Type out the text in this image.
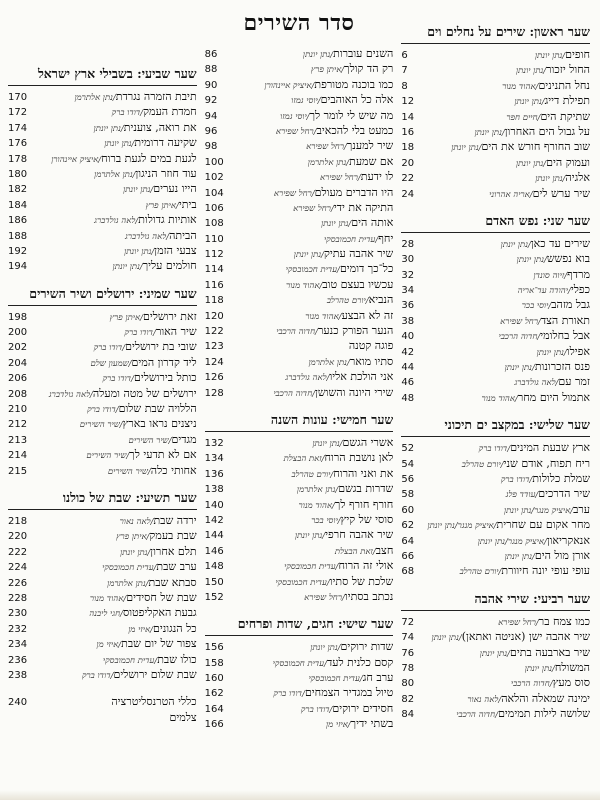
שער ראשון: שירים על נחלים וים
6	חופים/נתן יונתן
7	החול יזכור/נתן יונתן
8	נחל התנינים/אהוד מנור
12	תפילת דייג/נתן יונתן
14	שתיקת הים/חיים חפר
16	על גבול הים האחרון/נתן יונתן
18	שוב החורף חורש את הים/נתן יונתן
20	ועמוק הים/נתן יונתן
22	אלגיה/נתן יונתן
24	שיר ערש לים/אריה אהרוני
שער שני: נפש האדם
28	שירים עד כאן/נתן יונתן
30	בוא נפשש/נתן יונתן
32	מרדף/זיוה סונדן
34	כפלי/יהודה עד־אריה
36	גבל מזהב/יוסי בכר
38	תאורת הצד/רחל שפירא
40	אבל בחלומי/חדוה הרכבי
42	אפילו/נתן יונתן
44	פנס הזכרונות/נתן יונתן
46	זמר עם/לאה גולדברג
48	אתמול היום מחר/אהוד מנור
שער שלישי: במקצב ים תיכוני
52	ארץ שבעת המינים/דודו ברק
54	ריח תפוח, אודם שני/יורם טהרלב
56	שמלת כלולות/דודו ברק
58	שיר הדרכים/עודד פלג
60	ערב/איציק מנגר/נתן יונתן
62	מחר אקום עם שחרית/איציק מנגר/נתן יונתן
64	אנאקריאון/איציק מנגר/נתן יונתן
66	אורן מול הים/נתן יונתן
68	עופי עופי יונה חיוורת/יורם טהרלב
שער רביעי: שירי אהבה
72	כמו צמח בר/רחל שפירא
74	שיר אהבה ישן (אניטה ואתאן)/נתן יונתן
76	שיר בארבעה בתים/נתן יונתן
78	המשולח/נתן יונתן
80	סוס מעץ/חדוה הרכבי
82	ימינה שמאלה והלאה/לאה נאור
84	שלושה לילות תמימים/חדוה הרכבי
סדר השירים
86	השנים עוברות/נתן יונתן
88	רק הד קולך/איתן פרץ
90	כמו בוכנה מטורפת/איציק איינהורן
92	אלה כל האוהבים/יוסי גמזו
94	מה שיש לי לומר לך/יוסי גמזו
96	כמעט בלי להכאיב/רחל שפירא
98	שיר למענך/רחל שפירא
100	אם שמעת/נתן אלתרמן
102	לו ידעת/רחל שפירא
104	היו הדברים מעולם/רחל שפירא
106	התיקה את ידי/רחל שפירא
108	אותה הים/נתן יונתן
110	יחף/עדית חכמובסקי
112	שיר אהבה עתיק/נתן יונתן
114	כל־כך דומים/עדית חכמובסקי
116	עכשיו בעצם טוב/אהוד מנור
118	הנביא/יורם טהרלב
120	זה לא הבצע/אהוד מנור
122	הנער הפורק כנער/חדוה הרכבי
123	פוגה קטנה
124	סתיו מואר/נתן אלתרמן
126	אני הולכת אליו/לאה גולדברג
128	שירי היונה והשושן/חדוה הרכבי
שער חמישי: עונות השנה
132	אשרי הגשם/נתן יונתן
134	לאן נושבת הרוח/זאת הבצלת
136	את ואני והרוח/יורם טהרלב
138	שדרות בגשם/נתן אלתרמן
140	חורף חורף לך/אהוד מנור
142	סוסי של קיץ/יוסי בכר
144	שיר אהבה חרפי/נתן יונתן
146	חצב/זאת הבצלת
148	אולי זה הרוח/עדית חכמובסקי
150	שלכת של סתיו/עדית חכמובסקי
152	נכתב בסתיו/רחל שפירא
שער שישי: חגים, שדות ופרחים
156	שדות ירוקים/נתן יונתן
158	קסם כלנית לעד/עדית חכמובסקי
160	ערב חג/עדית חכמובסקי
162	טיול במגדיר הצמחים/דודו ברק
164	חסידים ירוקים/דודו ברק
166	בשתי ידיך/איזי מן
שער שביעי: בשבילי ארץ ישראל
170	תיבת הזמרה נגרדת/נתן אלתרמן
172	חמדת העמק/דודו ברק
174	את רואה, צוענית/נתן יונתן
176	שקיעה דרומית/נתן יונתן
178	לגעת במים לגעת ברוח/איציק איינהורן
180	עוד חוזר הניגון/נתן אלתרמן
182	הייו נערים/נתן יונתן
184	ביתי/איתן פרץ
186	אותיות גדולות/לאה גולדברג
188	הביתה/לאה גולדברג
192	צבעי הזמן/נתן יונתן
194	חולמים עליך/נתן יונתן
שער שמיני: ירושלים ושיר השירים
198	זאת ירושלים/איתן פרץ
200	שיר האור/דודו ברק
202	שובי בת ירושלים/דודו ברק
204	ליד קדרון המים/שמעון שלם
206	כותל בירושלים/דודו ברק
208	ירושלים של מטה ומעלה/לאה גולדברג
210	הללויה שבת שלום/דודו ברק
212	ניצנים נראו בארץ/שיר השירים
213	מגדים/שיר השירים
214	אם לא תדעי לך/שיר השירים
215	אחותי כלה/שיר השירים
שער תשיעי: שבת של כולנו
218	ירדה שבת/לאה נאור
220	שבת בעמק/איתן פרץ
222	תלם אחרון/נתן יונתן
224	ערב שבת/עדית חכמובסקי
226	סבתא שבת/נתן אלתרמן
228	שבת של חסידים/אהוד מנור
230	גבעת האקליפטוס/חגי ליבנה
232	כל הנגונים/איזי מן
234	צפור של יום שבת/איזי מן
236	כולו שבת/עדית חכמובסקי
238	שבת שלום ירושלים/דודו ברק
240	כללי הטרנסליטרציה
צלמים
